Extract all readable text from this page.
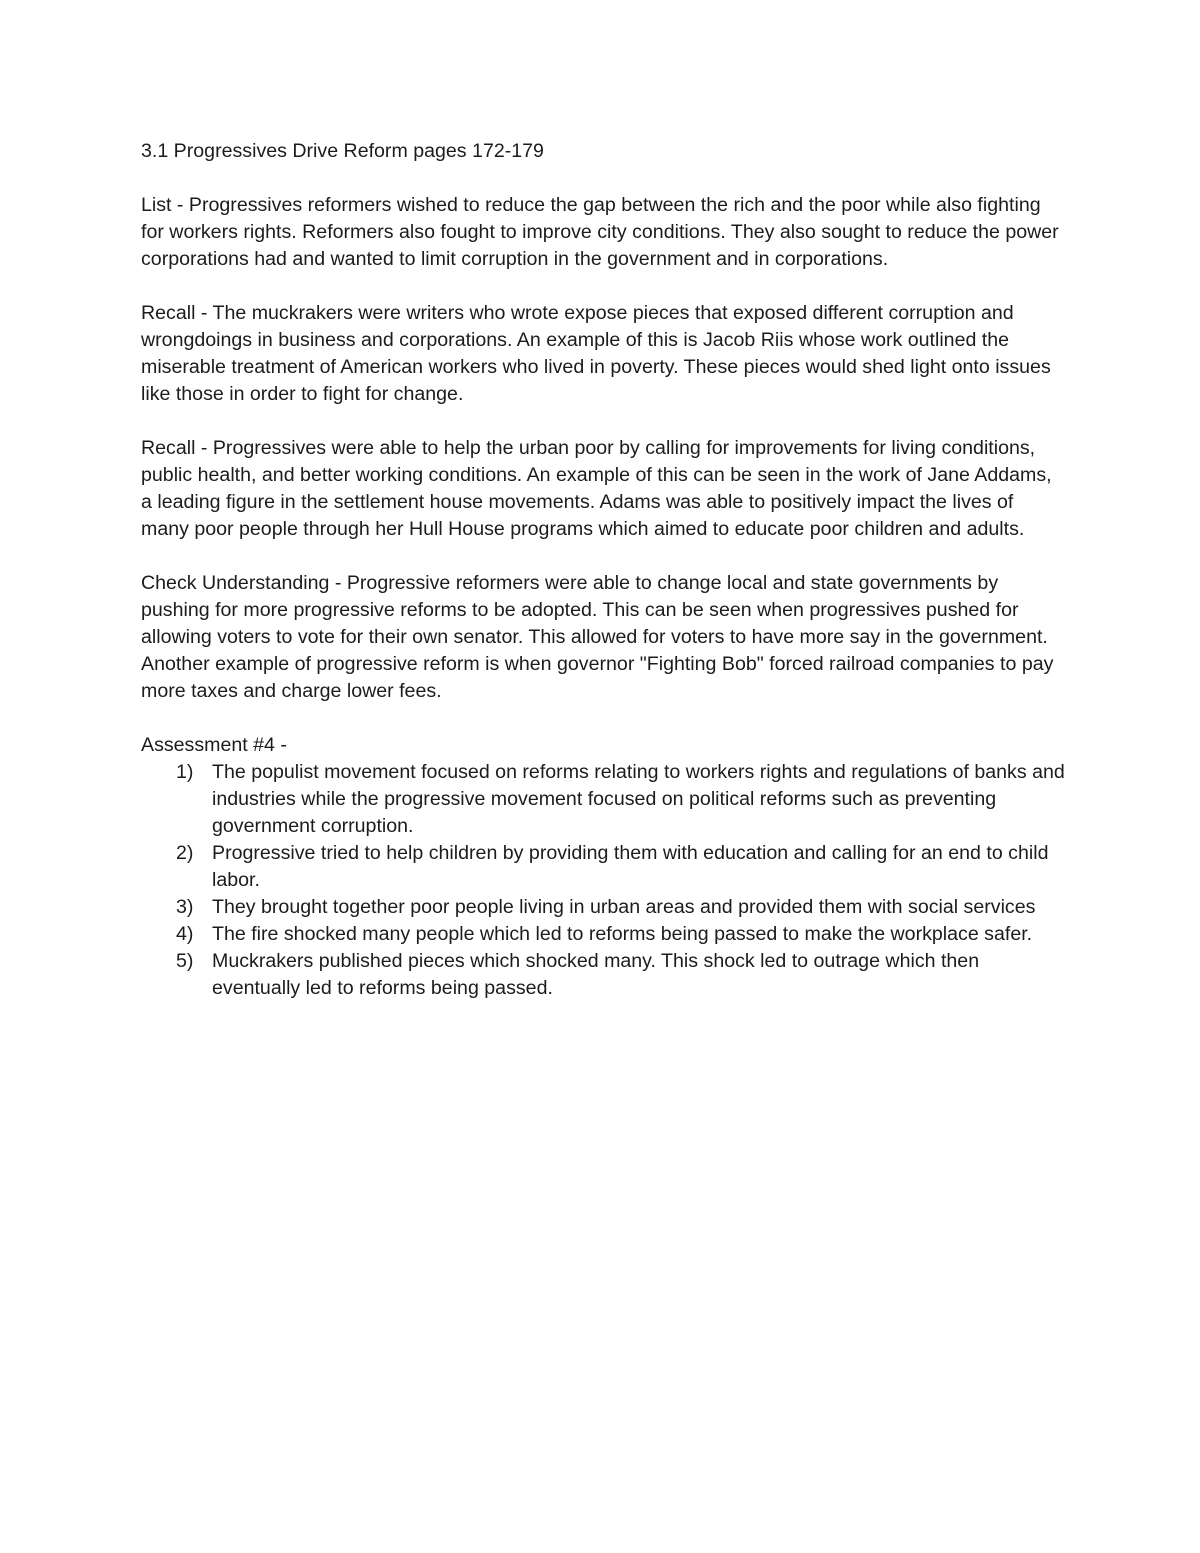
3.1 Progressives Drive Reform pages 172-179

List - Progressives reformers wished to reduce the gap between the rich and the poor while also fighting for workers rights. Reformers also fought to improve city conditions. They also sought to reduce the power corporations had and wanted to limit corruption in the government and in corporations.

Recall - The muckrakers were writers who wrote expose pieces that exposed different corruption and wrongdoings in business and corporations. An example of this is Jacob Riis whose work outlined the miserable treatment of American workers who lived in poverty. These pieces would shed light onto issues like those in order to fight for change.

Recall - Progressives were able to help the urban poor by calling for improvements for living conditions, public health, and better working conditions. An example of this can be seen in the work of Jane Addams, a leading figure in the settlement house movements. Adams was able to positively impact the lives of many poor people through her Hull House programs which aimed to educate poor children and adults.

Check Understanding - Progressive reformers were able to change local and state governments by pushing for more progressive reforms to be adopted. This can be seen when progressives pushed for allowing voters to vote for their own senator. This allowed for voters to have more say in the government. Another example of progressive reform is when governor "Fighting Bob" forced railroad companies to pay more taxes and charge lower fees.

Assessment #4 -

1) The populist movement focused on reforms relating to workers rights and regulations of banks and industries while the progressive movement focused on political reforms such as preventing government corruption.
2) Progressive tried to help children by providing them with education and calling for an end to child labor.
3) They brought together poor people living in urban areas and provided them with social services
4) The fire shocked many people which led to reforms being passed to make the workplace safer.
5) Muckrakers published pieces which shocked many. This shock led to outrage which then eventually led to reforms being passed.
